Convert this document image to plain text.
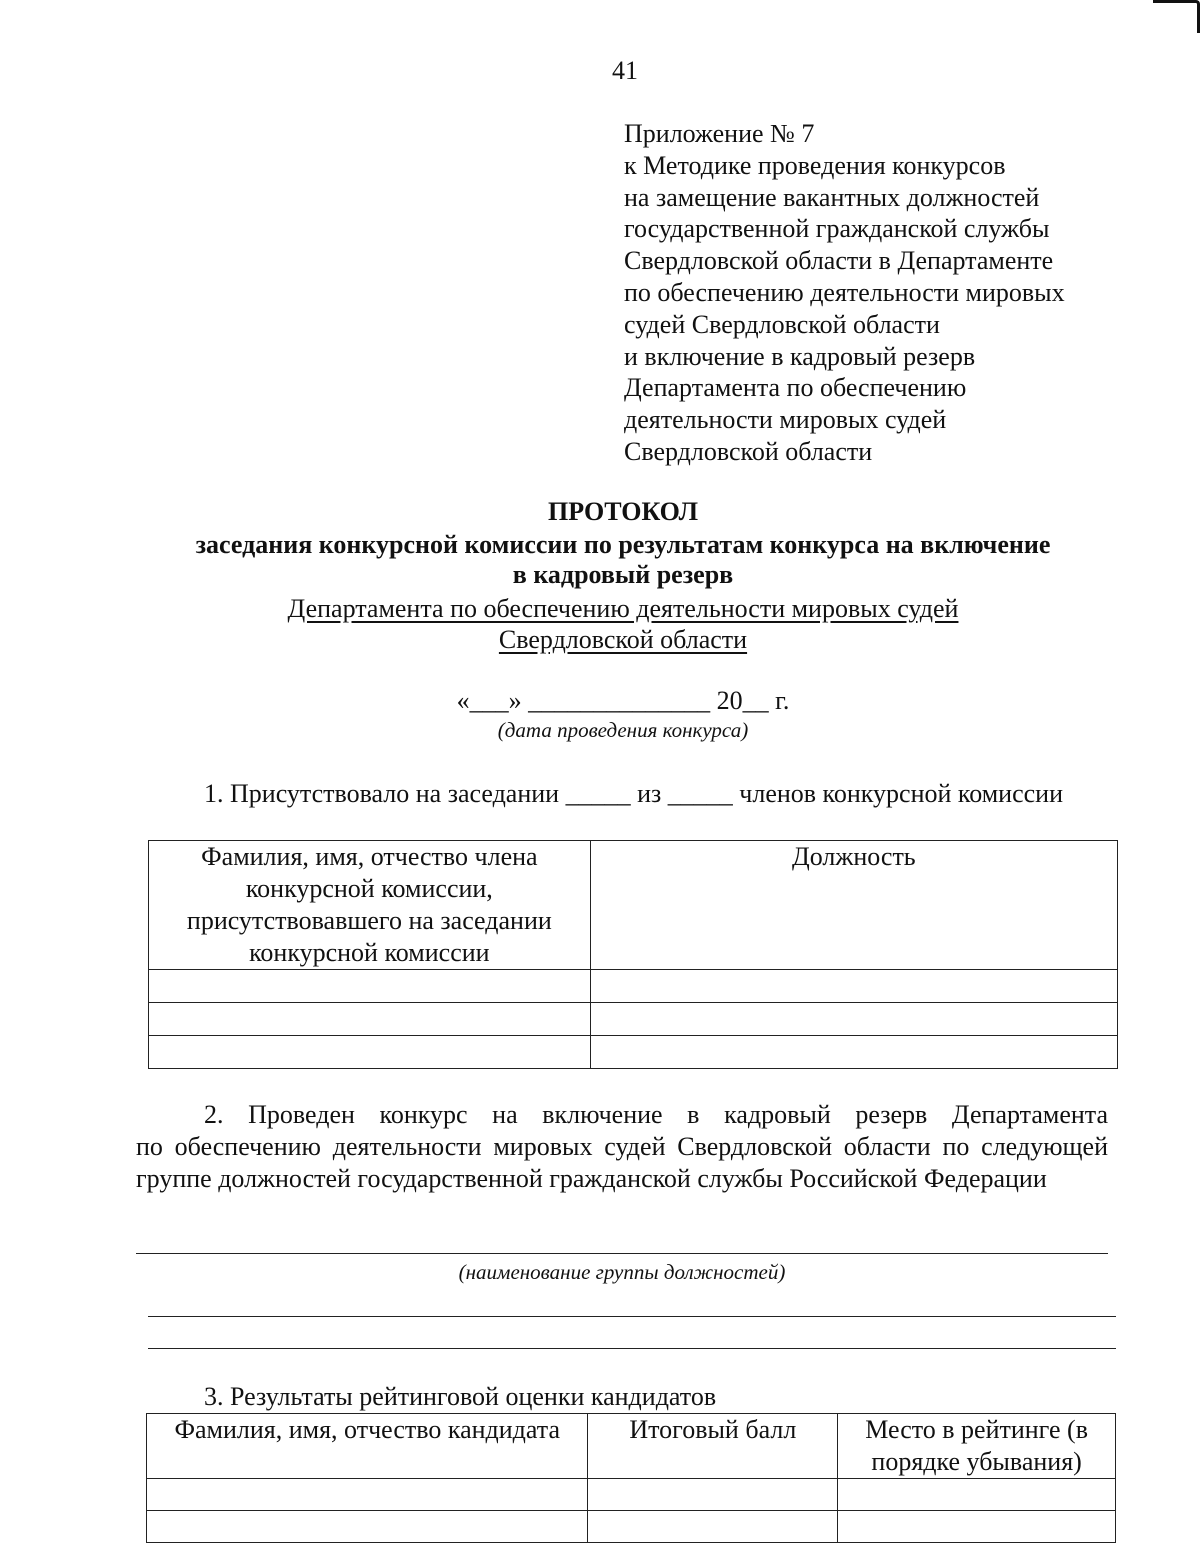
41
Приложение № 7
к Методике проведения конкурсов
на замещение вакантных должностей
государственной гражданской службы
Свердловской области в Департаменте
по обеспечению деятельности мировых
судей Свердловской области
и включение в кадровый резерв
Департамента по обеспечению
деятельности мировых судей
Свердловской области
ПРОТОКОЛ
заседания конкурсной комиссии по результатам конкурса на включение
в кадровый резерв
Департамента по обеспечению деятельности мировых судей
Свердловской области
«___» ______________ 20__ г.
(дата проведения конкурса)
1. Присутствовало на заседании _____ из _____ членов конкурсной комиссии
Фамилия, имя, отчество члена конкурсной комиссии, присутствовавшего на заседании конкурсной комиссии	Должность

2. Проведен конкурс на включение в кадровый резерв Департамента
по обеспечению деятельности мировых судей Свердловской области по следующей группе должностей государственной гражданской службы Российской Федерации
(наименование группы должностей)
3. Результаты рейтинговой оценки кандидатов
Фамилия, имя, отчество кандидата	Итоговый балл	Место в рейтинге (в порядке убывания)
